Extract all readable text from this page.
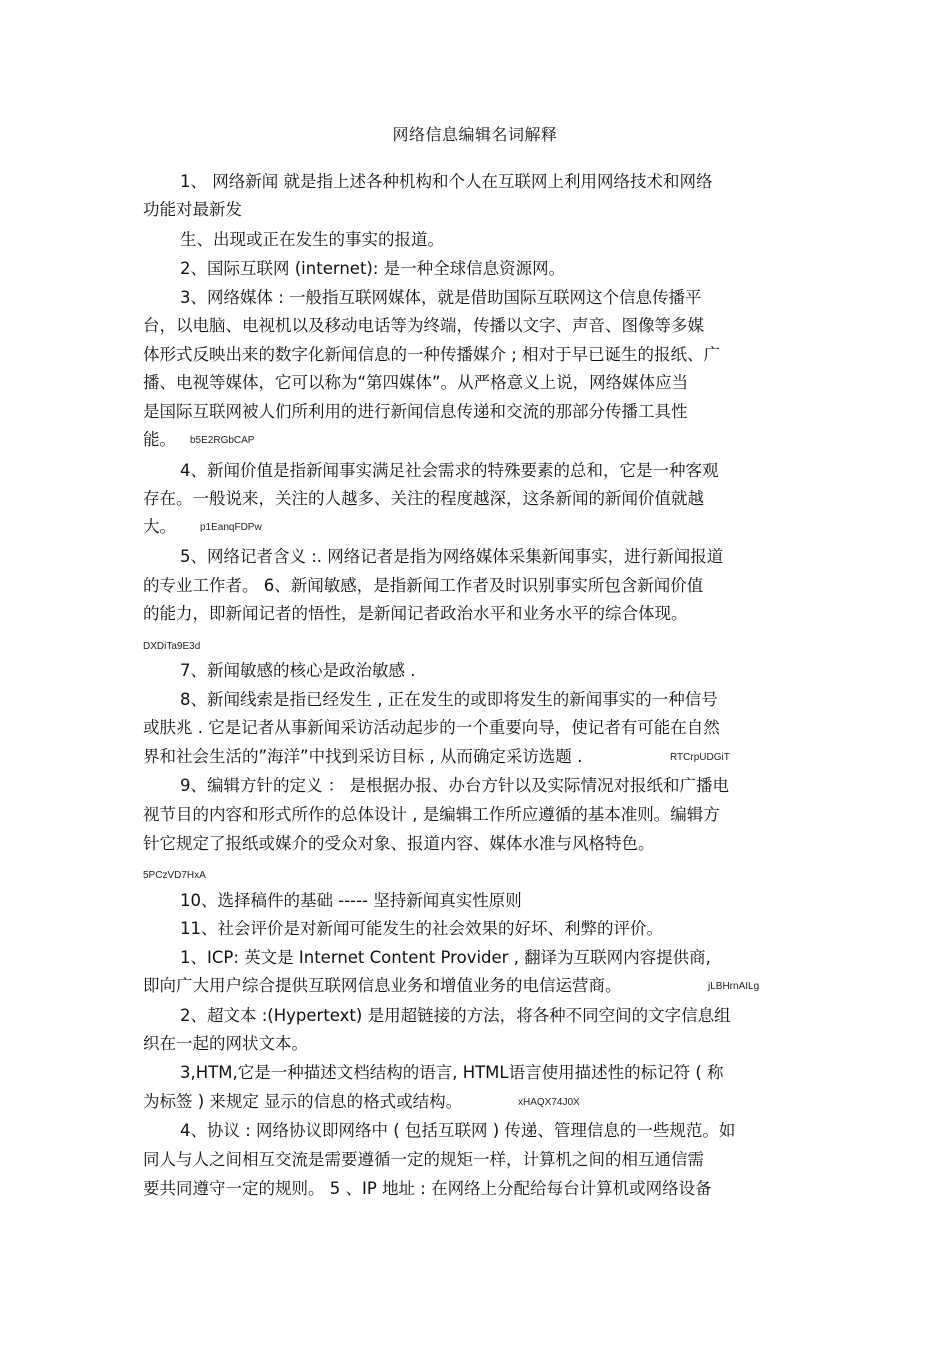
网络信息编辑名词解释
1、 网络新闻 就是指上述各种机构和个人在互联网上利用网络技术和网络
功能对最新发
生、出现或正在发生的事实的报道。
2、国际互联网 (internet): 是一种全球信息资源网。
3、网络媒体 : 一般指互联网媒体，就是借助国际互联网这个信息传播平
台，以电脑、电视机以及移动电话等为终端，传播以文字、声音、图像等多媒
体形式反映出来的数字化新闻信息的一种传播媒介 ; 相对于早已诞生的报纸、广
播、电视等媒体，它可以称为“第四媒体”。从严格意义上说，网络媒体应当
是国际互联网被人们所利用的进行新闻信息传递和交流的那部分传播工具性
能。 b5E2RGbCAP
4、新闻价值是指新闻事实满足社会需求的特殊要素的总和，它是一种客观
存在。一般说来，关注的人越多、关注的程度越深，这条新闻的新闻价值就越
大。 p1EanqFDPw
5、网络记者含义 :. 网络记者是指为网络媒体采集新闻事实，进行新闻报道
的专业工作者。 6、新闻敏感，是指新闻工作者及时识别事实所包含新闻价值
的能力，即新闻记者的悟性，是新闻记者政治水平和业务水平的综合体现。
DXDiTa9E3d
7、新闻敏感的核心是政治敏感 .
8、新闻线索是指已经发生 , 正在发生的或即将发生的新闻事实的一种信号
或肤兆 . 它是记者从事新闻采访活动起步的一个重要向导，使记者有可能在自然
界和社会生活的”海洋”中找到采访目标 , 从而确定采访选题 .	RTCrpUDGiT
9、编辑方针的定义 ： 是根据办报、办台方针以及实际情况对报纸和广播电
视节目的内容和形式所作的总体设计 , 是编辑工作所应遵循的基本准则。编辑方
针它规定了报纸或媒介的受众对象、报道内容、媒体水准与风格特色。
5PCzVD7HxA
10、选择稿件的基础 ----- 坚持新闻真实性原则
11、社会评价是对新闻可能发生的社会效果的好坏、利弊的评价。
1、ICP: 英文是 Internet Content Provider , 翻译为互联网内容提供商,
即向广大用户综合提供互联网信息业务和增值业务的电信运营商。	jLBHrnAILg
2、超文本 :(Hypertext) 是用超链接的方法，将各种不同空间的文字信息组
织在一起的网状文本。
3,HTM,它是一种描述文档结构的语言, HTML语言使用描述性的标记符 ( 称
为标签 ) 来规定 显示的信息的格式或结构。	xHAQX74J0X
4、协议 : 网络协议即网络中 ( 包括互联网 ) 传递、管理信息的一些规范。如
同人与人之间相互交流是需要遵循一定的规矩一样，计算机之间的相互通信需
要共同遵守一定的规则。 5 、IP 地址 : 在网络上分配给每台计算机或网络设备
